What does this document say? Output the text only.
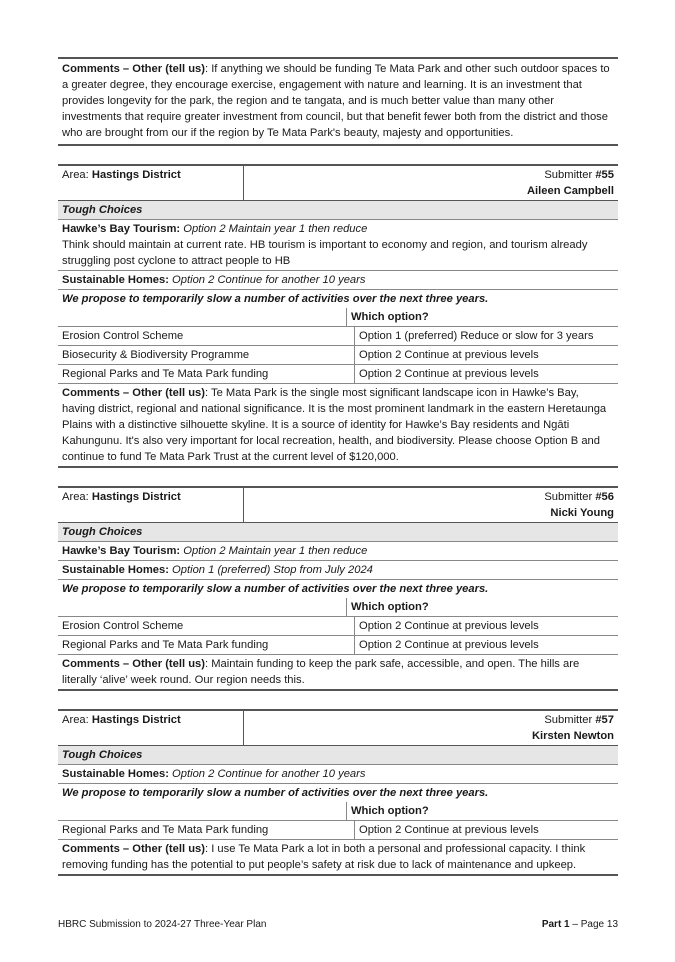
Comments – Other (tell us): If anything we should be funding Te Mata Park and other such outdoor spaces to a greater degree, they encourage exercise, engagement with nature and learning. It is an investment that provides longevity for the park, the region and te tangata, and is much better value than many other investments that require greater investment from council, but that benefit fewer both from the district and those who are brought from our if the region by Te Mata Park's beauty, majesty and opportunities.
Area: Hastings District	Submitter #55
Aileen Campbell
Tough Choices
Hawke’s Bay Tourism: Option 2 Maintain year 1 then reduce
Think should maintain at current rate. HB tourism is important to economy and region, and tourism already struggling post cyclone to attract people to HB
Sustainable Homes: Option 2 Continue for another 10 years
We propose to temporarily slow a number of activities over the next three years.
Which option?
Erosion Control Scheme	Option 1 (preferred) Reduce or slow for 3 years
Biosecurity & Biodiversity Programme	Option 2 Continue at previous levels
Regional Parks and Te Mata Park funding	Option 2 Continue at previous levels
Comments – Other (tell us): Te Mata Park is the single most significant landscape icon in Hawke’s Bay, having district, regional and national significance. It is the most prominent landmark in the eastern Heretaunga Plains with a distinctive silhouette skyline. It is a source of identity for Hawke’s Bay residents and Ngāti Kahungunu. It's also very important for local recreation, health, and biodiversity. Please choose Option B and continue to fund Te Mata Park Trust at the current level of $120,000.
Area: Hastings District	Submitter #56
Nicki Young
Tough Choices
Hawke’s Bay Tourism: Option 2 Maintain year 1 then reduce
Sustainable Homes: Option 1 (preferred) Stop from July 2024
We propose to temporarily slow a number of activities over the next three years.
Which option?
Erosion Control Scheme	Option 2 Continue at previous levels
Regional Parks and Te Mata Park funding	Option 2 Continue at previous levels
Comments – Other (tell us): Maintain funding to keep the park safe, accessible, and open. The hills are literally ‘alive’ week round. Our region needs this.
Area: Hastings District	Submitter #57
Kirsten Newton
Tough Choices
Sustainable Homes: Option 2 Continue for another 10 years
We propose to temporarily slow a number of activities over the next three years.
Which option?
Regional Parks and Te Mata Park funding	Option 2 Continue at previous levels
Comments – Other (tell us): I use Te Mata Park a lot in both a personal and professional capacity. I think removing funding has the potential to put people’s safety at risk due to lack of maintenance and upkeep.
HBRC Submission to 2024-27 Three-Year Plan	Part 1 – Page 13
